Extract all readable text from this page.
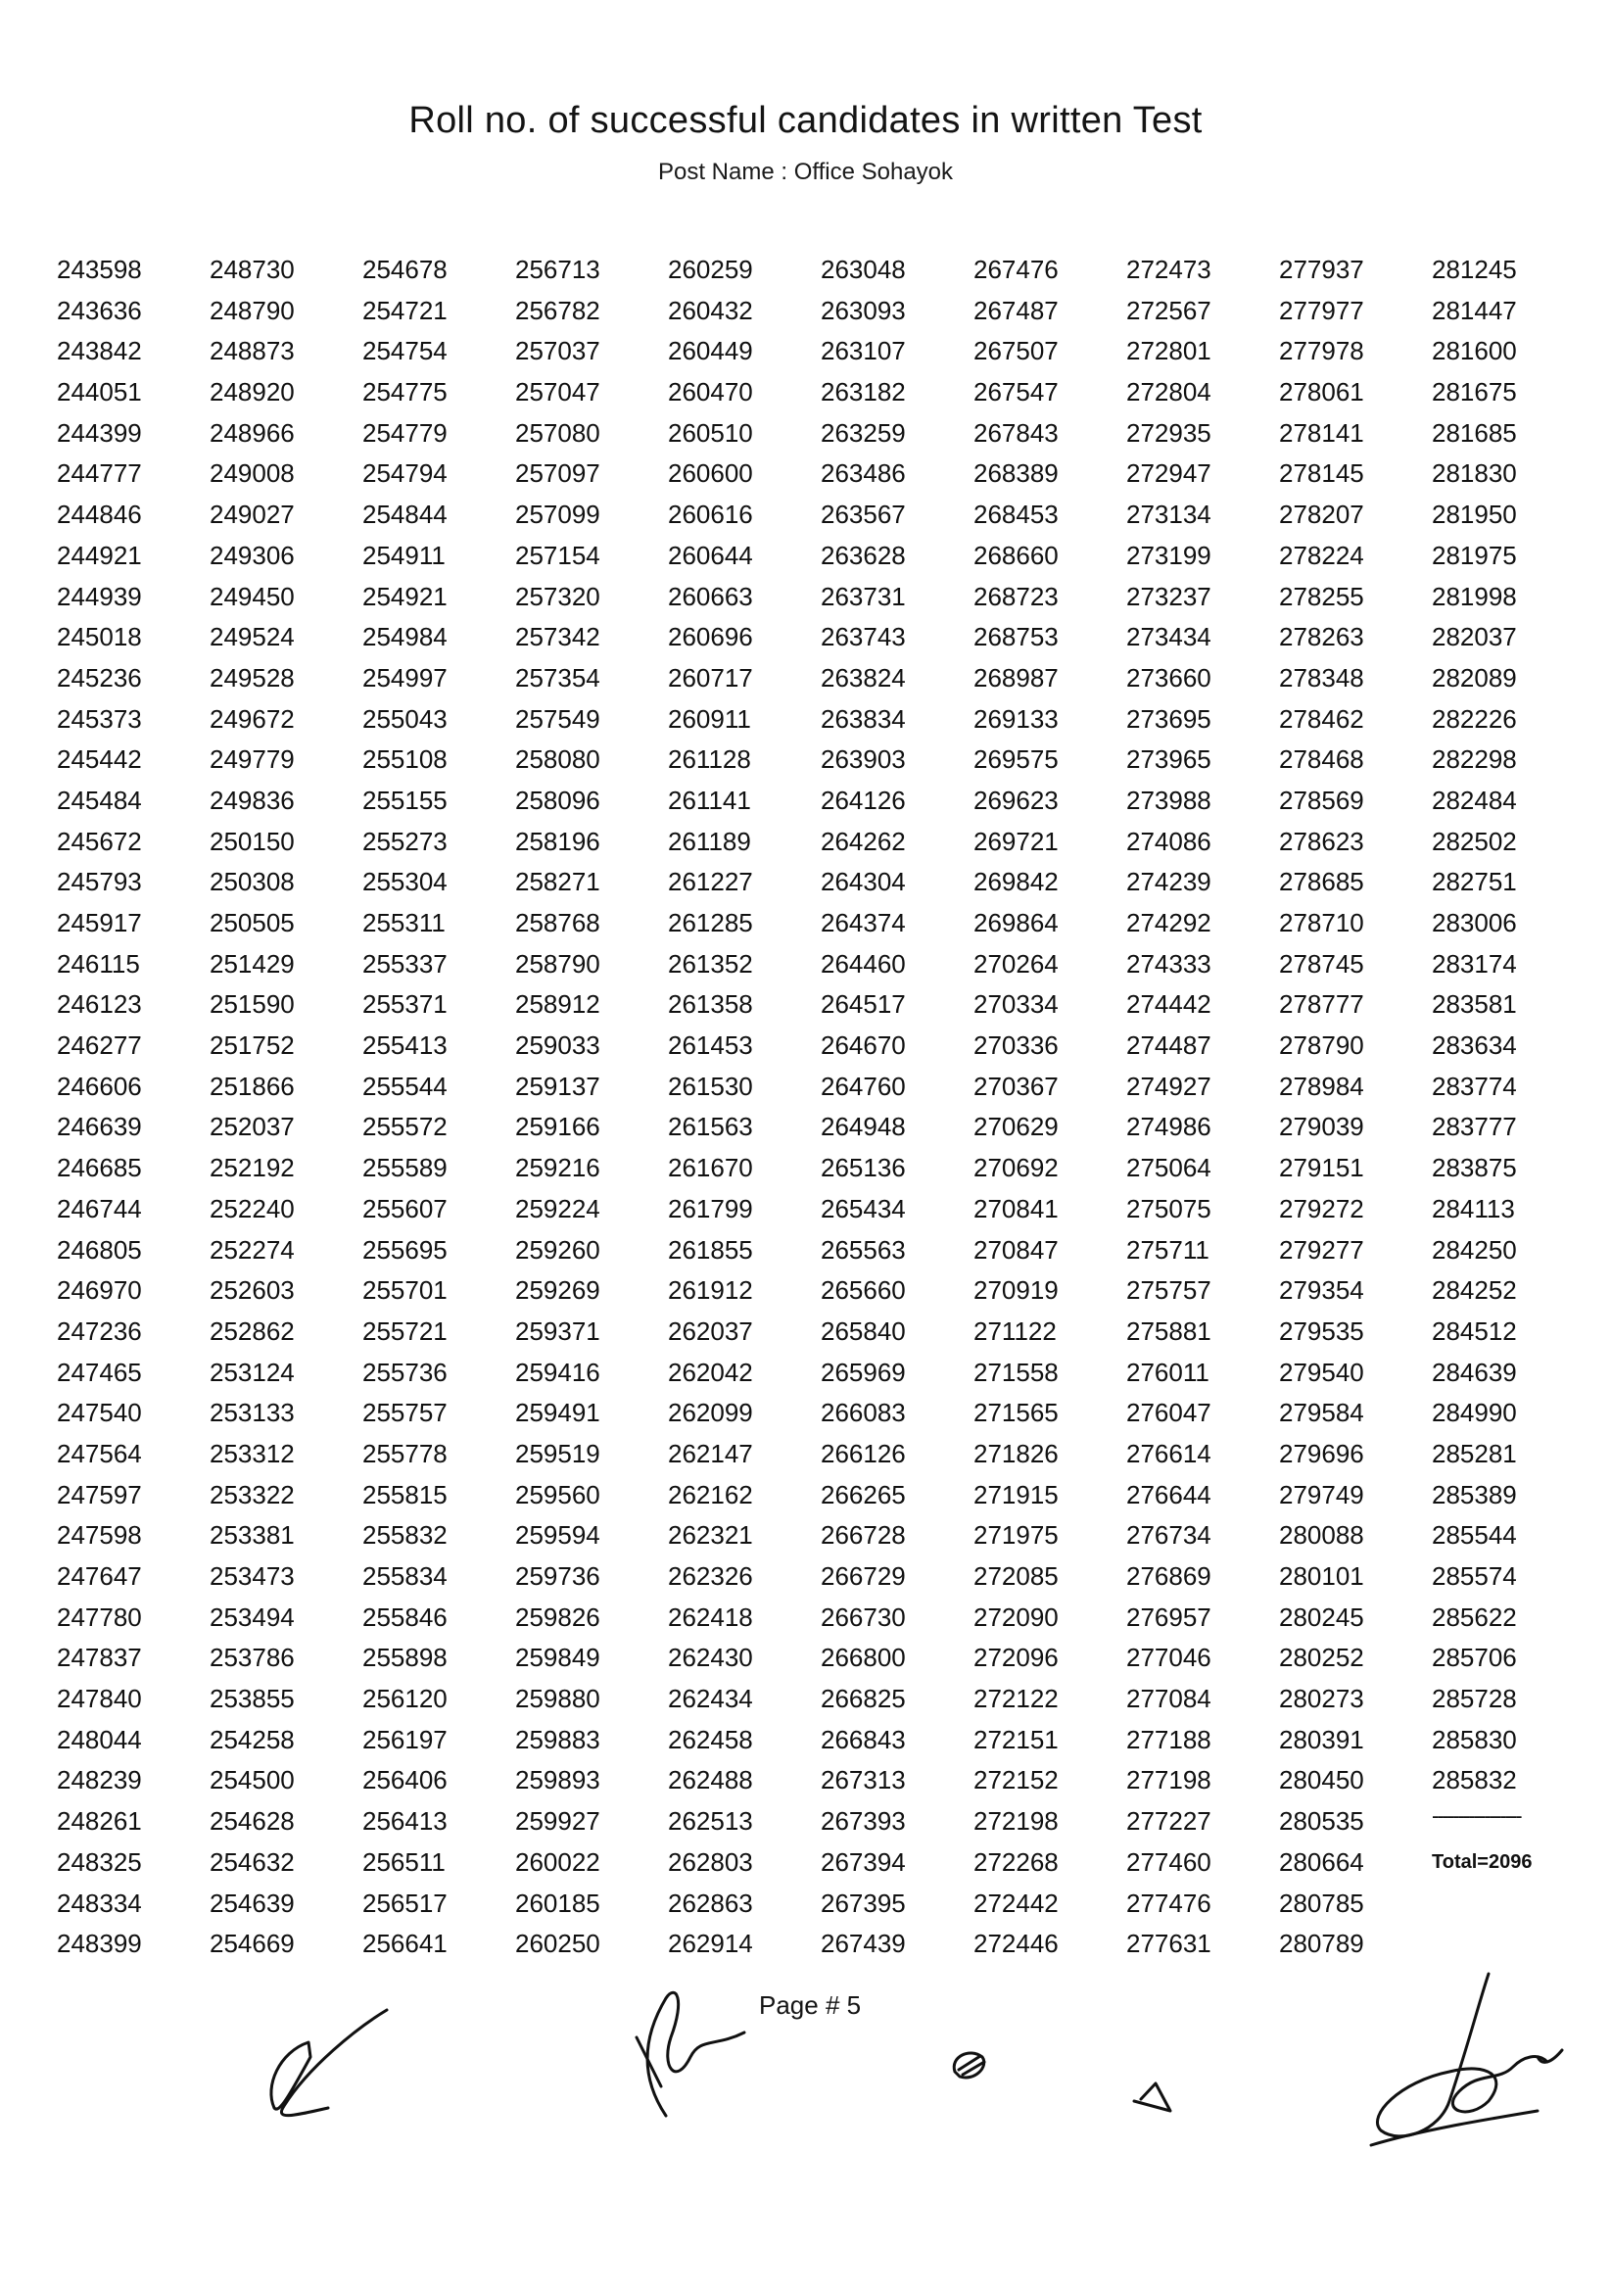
Roll no. of successful candidates in written Test
Post Name : Office Sohayok
243598
243636
243842
244051
244399
244777
244846
244921
244939
245018
245236
245373
245442
245484
245672
245793
245917
246115
246123
246277
246606
246639
246685
246744
246805
246970
247236
247465
247540
247564
247597
247598
247647
247780
247837
247840
248044
248239
248261
248325
248334
248399
248730
248790
248873
248920
248966
249008
249027
249306
249450
249524
249528
249672
249779
249836
250150
250308
250505
251429
251590
251752
251866
252037
252192
252240
252274
252603
252862
253124
253133
253312
253322
253381
253473
253494
253786
253855
254258
254500
254628
254632
254639
254669
254678
254721
254754
254775
254779
254794
254844
254911
254921
254984
254997
255043
255108
255155
255273
255304
255311
255337
255371
255413
255544
255572
255589
255607
255695
255701
255721
255736
255757
255778
255815
255832
255834
255846
255898
256120
256197
256406
256413
256511
256517
256641
256713
256782
257037
257047
257080
257097
257099
257154
257320
257342
257354
257549
258080
258096
258196
258271
258768
258790
258912
259033
259137
259166
259216
259224
259260
259269
259371
259416
259491
259519
259560
259594
259736
259826
259849
259880
259883
259893
259927
260022
260185
260250
260259
260432
260449
260470
260510
260600
260616
260644
260663
260696
260717
260911
261128
261141
261189
261227
261285
261352
261358
261453
261530
261563
261670
261799
261855
261912
262037
262042
262099
262147
262162
262321
262326
262418
262430
262434
262458
262488
262513
262803
262863
262914
263048
263093
263107
263182
263259
263486
263567
263628
263731
263743
263824
263834
263903
264126
264262
264304
264374
264460
264517
264670
264760
264948
265136
265434
265563
265660
265840
265969
266083
266126
266265
266728
266729
266730
266800
266825
266843
267313
267393
267394
267395
267439
267476
267487
267507
267547
267843
268389
268453
268660
268723
268753
268987
269133
269575
269623
269721
269842
269864
270264
270334
270336
270367
270629
270692
270841
270847
270919
271122
271558
271565
271826
271915
271975
272085
272090
272096
272122
272151
272152
272198
272268
272442
272446
272473
272567
272801
272804
272935
272947
273134
273199
273237
273434
273660
273695
273965
273988
274086
274239
274292
274333
274442
274487
274927
274986
275064
275075
275711
275757
275881
276011
276047
276614
276644
276734
276869
276957
277046
277084
277188
277198
277227
277460
277476
277631
277937
277977
277978
278061
278141
278145
278207
278224
278255
278263
278348
278462
278468
278569
278623
278685
278710
278745
278777
278790
278984
279039
279151
279272
279277
279354
279535
279540
279584
279696
279749
280088
280101
280245
280252
280273
280391
280450
280535
280664
280785
280789
281245
281447
281600
281675
281685
281830
281950
281975
281998
282037
282089
282226
282298
282484
282502
282751
283006
283174
283581
283634
283774
283777
283875
284113
284250
284252
284512
284639
284990
285281
285389
285544
285574
285622
285706
285728
285830
285832
-----------------
Total=2096
Page # 5
